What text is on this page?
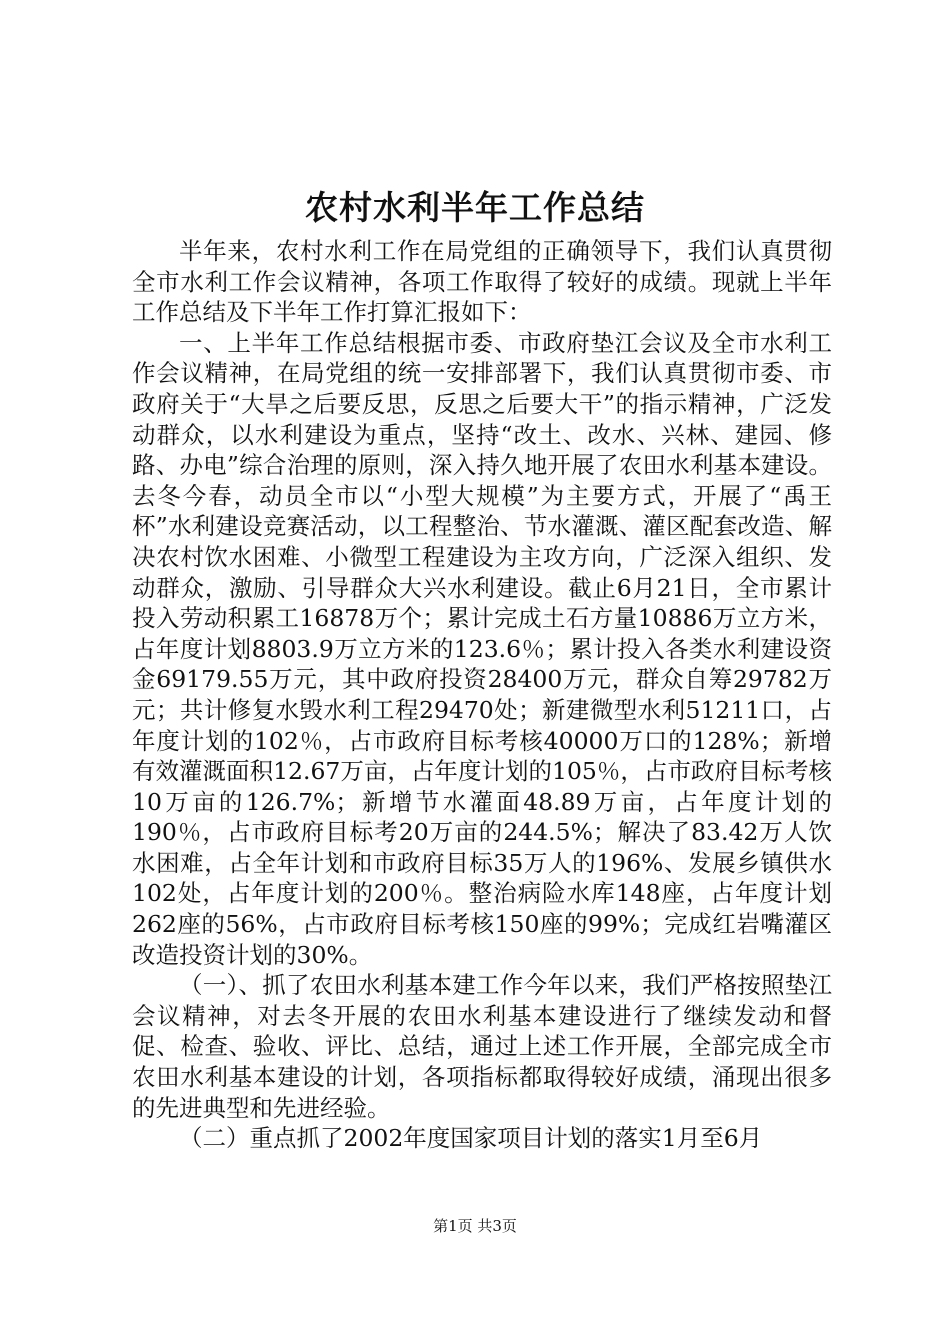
农村水利半年工作总结

半年来，农村水利工作在局党组的正确领导下，我们认真贯彻全市水利工作会议精神，各项工作取得了较好的成绩。现就上半年工作总结及下半年工作打算汇报如下：

一、上半年工作总结根据市委、市政府垫江会议及全市水利工作会议精神，在局党组的统一安排部署下，我们认真贯彻市委、市政府关于“大旱之后要反思，反思之后要大干”的指示精神，广泛发动群众，以水利建设为重点，坚持“改土、改水、兴林、建园、修路、办电”综合治理的原则，深入持久地开展了农田水利基本建设。去冬今春，动员全市以“小型大规模”为主要方式，开展了“禹王杯”水利建设竞赛活动，以工程整治、节水灌溉、灌区配套改造、解决农村饮水困难、小微型工程建设为主攻方向，广泛深入组织、发动群众，激励、引导群众大兴水利建设。截止6月21日，全市累计投入劳动积累工16878万个；累计完成土石方量10886万立方米，占年度计划8803.9万立方米的123.6％；累计投入各类水利建设资金69179.55万元，其中政府投资28400万元，群众自筹29782万元；共计修复水毁水利工程29470处；新建微型水利51211口，占年度计划的102％，占市政府目标考核40000万口的128%；新增有效灌溉面积12.67万亩，占年度计划的105％，占市政府目标考核10万亩的126.7%；新增节水灌面48.89万亩，占年度计划的190％，占市政府目标考20万亩的244.5%；解决了83.42万人饮水困难，占全年计划和市政府目标35万人的196%、发展乡镇供水102处，占年度计划的200％。整治病险水库148座，占年度计划262座的56%，占市政府目标考核150座的99%；完成红岩嘴灌区改造投资计划的30%。

（一）、抓了农田水利基本建工作今年以来，我们严格按照垫江会议精神，对去冬开展的农田水利基本建设进行了继续发动和督促、检查、验收、评比、总结，通过上述工作开展，全部完成全市农田水利基本建设的计划，各项指标都取得较好成绩，涌现出很多的先进典型和先进经验。

（二）重点抓了2002年度国家项目计划的落实1月至6月

第1页 共3页
